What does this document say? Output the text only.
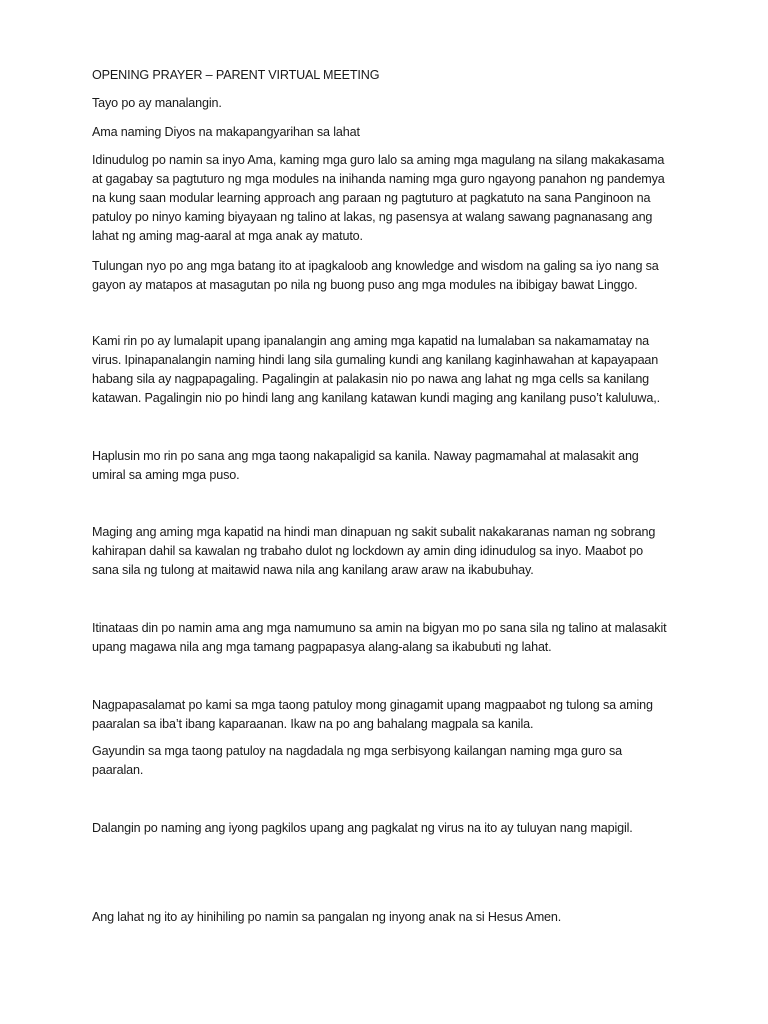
OPENING PRAYER – PARENT VIRTUAL MEETING

Tayo po ay manalangin.

Ama naming Diyos na makapangyarihan sa lahat

Idinudulog po namin sa inyo Ama, kaming mga guro lalo sa aming mga magulang na silang makakasama
at gagabay sa pagtuturo ng mga modules na inihanda naming mga guro ngayong panahon ng pandemya
na kung saan modular learning approach ang paraan ng pagtuturo at pagkatuto na sana Panginoon na
patuloy po ninyo kaming biyayaan ng talino at lakas, ng pasensya at walang sawang pagnanasang ang
lahat ng aming mag-aaral at mga anak ay matuto.

Tulungan nyo po ang mga batang ito at ipagkaloob ang knowledge and wisdom na galing sa iyo nang sa
gayon ay matapos at masagutan po nila ng buong puso ang mga modules na ibibigay bawat Linggo.

Kami rin po ay lumalapit upang ipanalangin ang aming mga kapatid na lumalaban sa nakamamatay na
virus. Ipinapanalangin naming hindi lang sila gumaling kundi ang kanilang kaginhawahan at kapayapaan
habang sila ay nagpapagaling. Pagalingin at palakasin nio po nawa ang lahat ng mga cells sa kanilang
katawan. Pagalingin nio po hindi lang ang kanilang katawan kundi maging ang kanilang puso’t kaluluwa,.

Haplusin mo rin po sana ang mga taong nakapaligid sa kanila. Naway pagmamahal at malasakit ang
umiral sa aming mga puso.

Maging ang aming mga kapatid na hindi man dinapuan ng sakit subalit nakakaranas naman ng sobrang
kahirapan dahil sa kawalan ng trabaho dulot ng lockdown ay amin ding idinudulog sa inyo. Maabot po
sana sila ng tulong at maitawid nawa nila ang kanilang araw araw na ikabubuhay.

Itinataas din po namin ama ang mga namumuno sa amin na bigyan mo po sana sila ng talino at malasakit
upang magawa nila ang mga tamang pagpapasya alang-alang sa ikabubuti ng lahat.

Nagpapasalamat po kami sa mga taong patuloy mong ginagamit upang magpaabot ng tulong sa aming
paaralan sa iba’t ibang kaparaanan. Ikaw na po ang bahalang magpala sa kanila.

Gayundin sa mga taong patuloy na nagdadala ng mga serbisyong kailangan naming mga guro sa
paaralan.

Dalangin po naming ang iyong pagkilos upang ang pagkalat ng virus na ito ay tuluyan nang mapigil.

Ang lahat ng ito ay hinihiling po namin sa pangalan ng inyong anak na si Hesus Amen.
